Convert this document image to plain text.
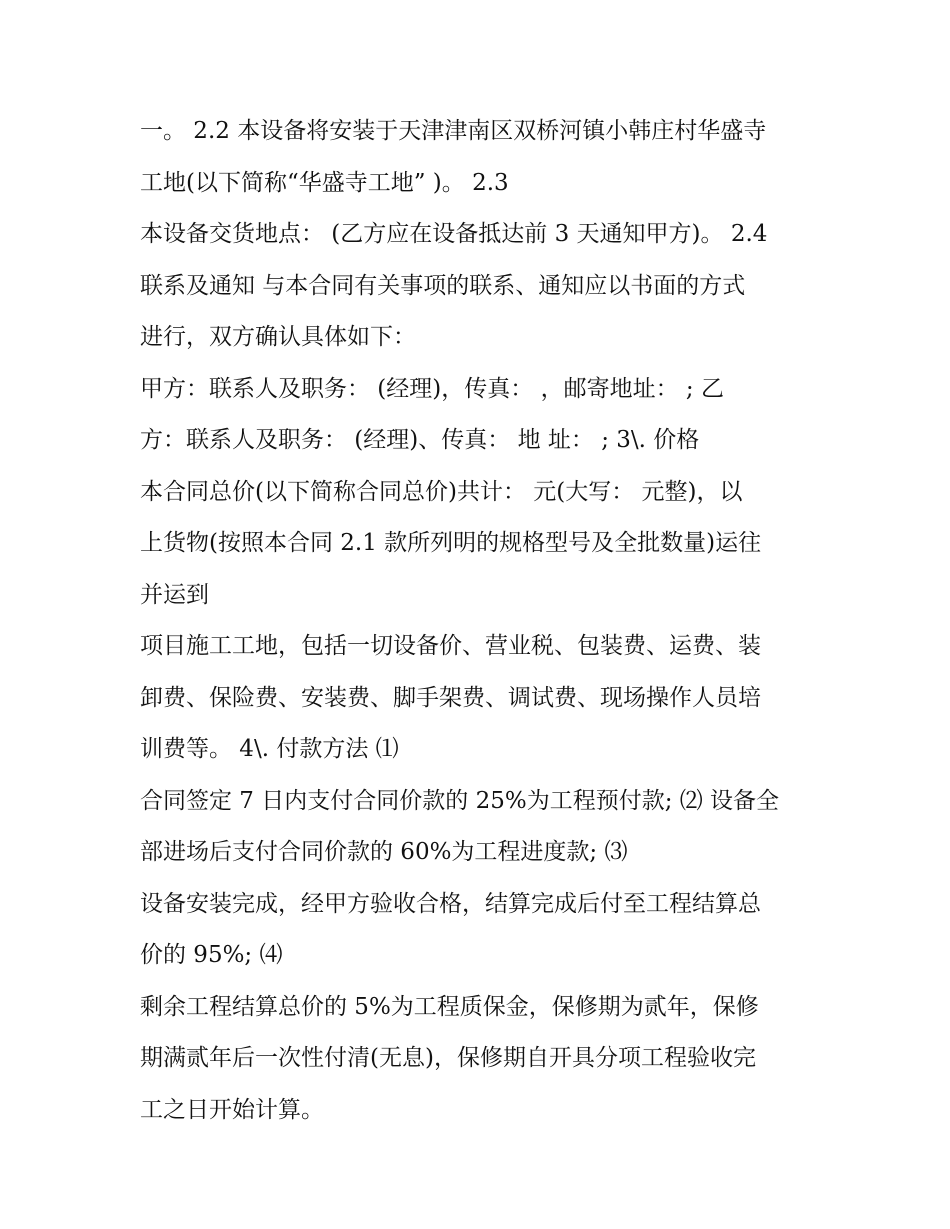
一。 2.2 本设备将安装于天津津南区双桥河镇小韩庄村华盛寺
工地(以下简称“华盛寺工地” )。 2.3
本设备交货地点： (乙方应在设备抵达前 3 天通知甲方)。 2.4
联系及通知 与本合同有关事项的联系、通知应以书面的方式
进行，双方确认具体如下：
甲方：联系人及职务： (经理)，传真： ，邮寄地址： ; 乙
方：联系人及职务： (经理)、传真： 地 址： ; 3\. 价格
本合同总价(以下简称合同总价)共计： 元(大写： 元整)，以
上货物(按照本合同 2.1 款所列明的规格型号及全批数量)运往
并运到
项目施工工地，包括一切设备价、营业税、包装费、运费、装
卸费、保险费、安装费、脚手架费、调试费、现场操作人员培
训费等。 4\. 付款方法 ⑴
合同签定 7 日内支付合同价款的 25%为工程预付款; ⑵ 设备全
部进场后支付合同价款的 60%为工程进度款; ⑶
设备安装完成，经甲方验收合格，结算完成后付至工程结算总
价的 95%; ⑷
剩余工程结算总价的 5%为工程质保金，保修期为贰年，保修
期满贰年后一次性付清(无息)，保修期自开具分项工程验收完
工之日开始计算。
